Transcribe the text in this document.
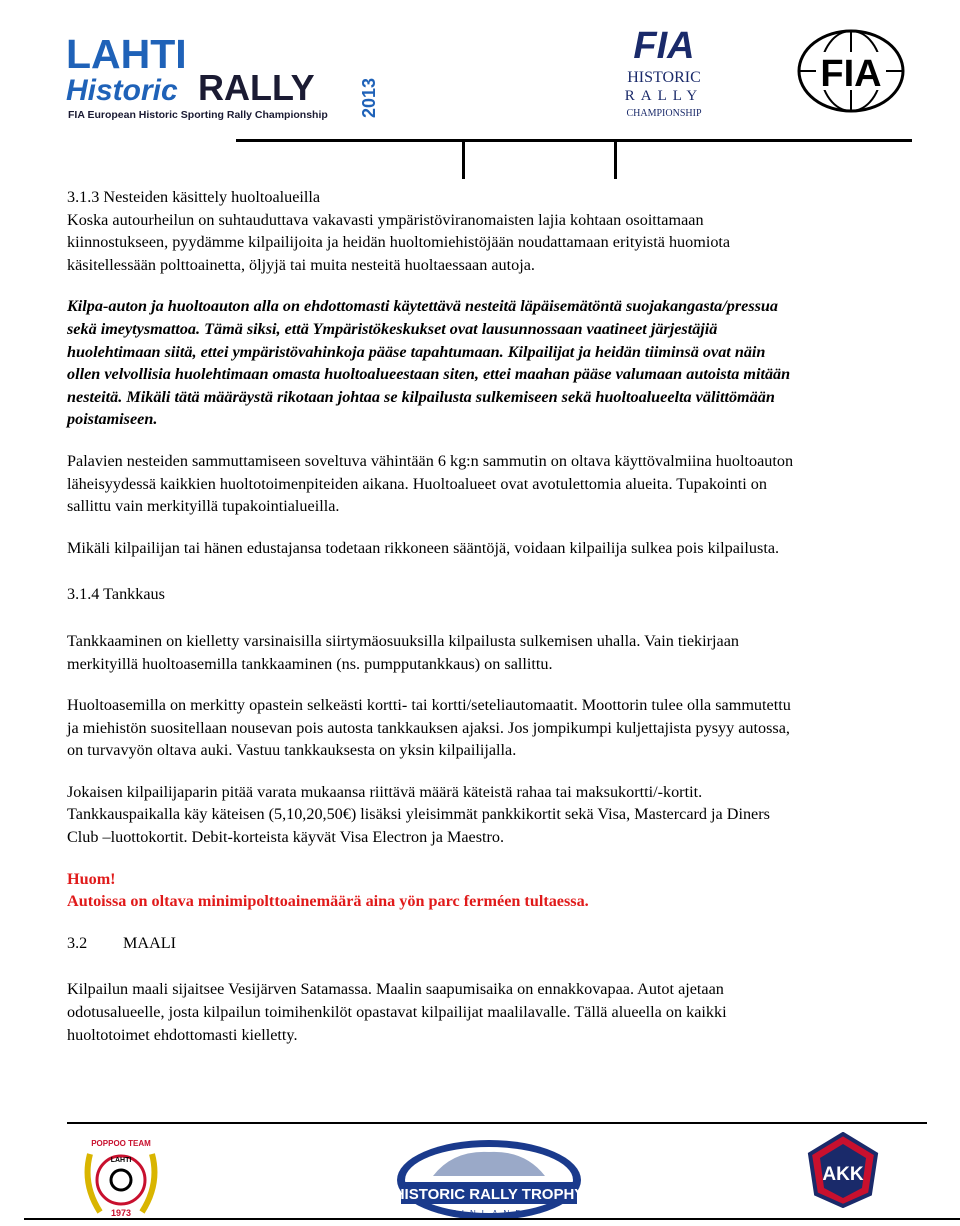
LAHTI
Historic RALLY 2013
FIA European Historic Sporting Rally Championship
FIA
HISTORIC
RALLY
CHAMPIONSHIP
FIA

3.1.3 Nesteiden käsittely huoltoalueilla

Koska autourheilun on suhtauduttava vakavasti ympäristöviranomaisten lajia kohtaan osoittamaan

kiinnostukseen, pyydämme kilpailijoita ja heidän huoltomiehistöjään noudattamaan erityistä huomiota

käsitellessään polttoainetta, öljyjä tai muita nesteitä huoltaessaan autoja.

Kilpa-auton ja huoltoauton alla on ehdottomasti käytettävä nesteitä läpäisemätöntä suojakangasta/pressua

sekä imeytysmattoa. Tämä siksi, että Ympäristökeskukset ovat lausunnossaan vaatineet järjestäjiä

huolehtimaan siitä, ettei ympäristövahinkoja pääse tapahtumaan. Kilpailijat ja heidän tiiminsä ovat näin

ollen velvollisia huolehtimaan omasta huoltoalueestaan siten, ettei maahan pääse valumaan autoista mitään

nesteitä. Mikäli tätä määräystä rikotaan johtaa se kilpailusta sulkemiseen sekä huoltoalueelta välittömään

poistamiseen.

Palavien nesteiden sammuttamiseen soveltuva vähintään 6 kg:n sammutin on oltava käyttövalmiina huoltoauton

läheisyydessä kaikkien huoltotoimenpiteiden aikana. Huoltoalueet ovat avotulettomia alueita. Tupakointi on

sallittu vain merkityillä tupakointialueilla.

Mikäli kilpailijan tai hänen edustajansa todetaan rikkoneen sääntöjä, voidaan kilpailija sulkea pois kilpailusta.

3.1.4 Tankkaus

Tankkaaminen on kielletty varsinaisilla siirtymäosuuksilla kilpailusta sulkemisen uhalla. Vain tiekirjaan

merkityillä huoltoasemilla tankkaaminen (ns. pumpputankkaus) on sallittu.

Huoltoasemilla on merkitty opastein selkeästi kortti- tai kortti/seteliautomaatit. Moottorin tulee olla sammutettu

ja miehistön suositellaan nousevan pois autosta tankkauksen ajaksi. Jos jompikumpi kuljettajista pysyy autossa,

on turvavyön oltava auki. Vastuu tankkauksesta on yksin kilpailijalla.

Jokaisen kilpailijaparin pitää varata mukaansa riittävä määrä käteistä rahaa tai maksukortti/-kortit.

Tankkauspaikalla käy käteisen (5,10,20,50€) lisäksi yleisimmät pankkikortit sekä Visa, Mastercard ja Diners

Club –luottokortit. Debit-korteista käyvät Visa Electron ja Maestro.

Huom!

Autoissa on oltava minimipolttoainemäärä aina yön parc ferméen tultaessa.

3.2 MAALI

Kilpailun maali sijaitsee Vesijärven Satamassa. Maalin saapumisaika on ennakkovapaa. Autot ajetaan

odotusalueelle, josta kilpailun toimihenkilöt opastavat kilpailijat maalilavalle. Tällä alueella on kaikki

huoltotoimet ehdottomasti kielletty.

POPPOO TEAM
LAHTI
1973
HISTORIC RALLY TROPHY
FINLAND
AKK
